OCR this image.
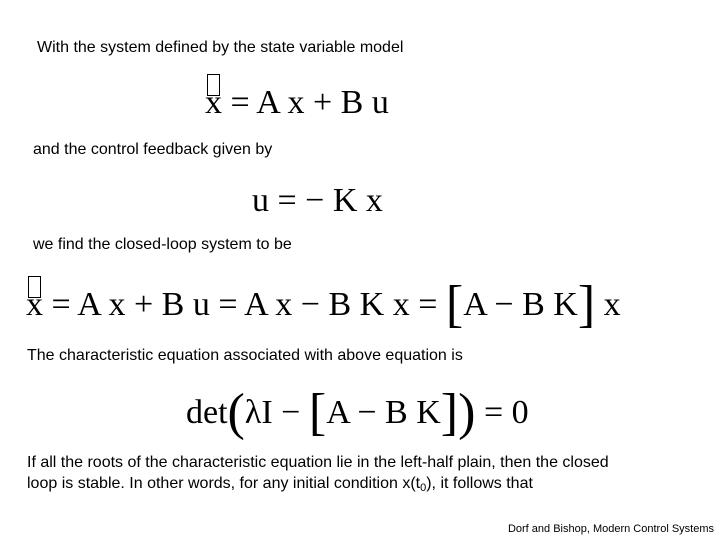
With the system defined by the state variable model
x = A x + B u
and the control feedback given by
u = − K x
we find the closed-loop system to be
x = A x + B u = A x − B K x = [A − B K] x
The characteristic equation associated with above equation is
det(λI − [A − B K]) = 0
If all the roots of the characteristic equation lie in the left-half plain, then the closed
loop is stable. In other words, for any initial condition $x(t_0)$, it follows that
Dorf and Bishop, Modern Control Systems
